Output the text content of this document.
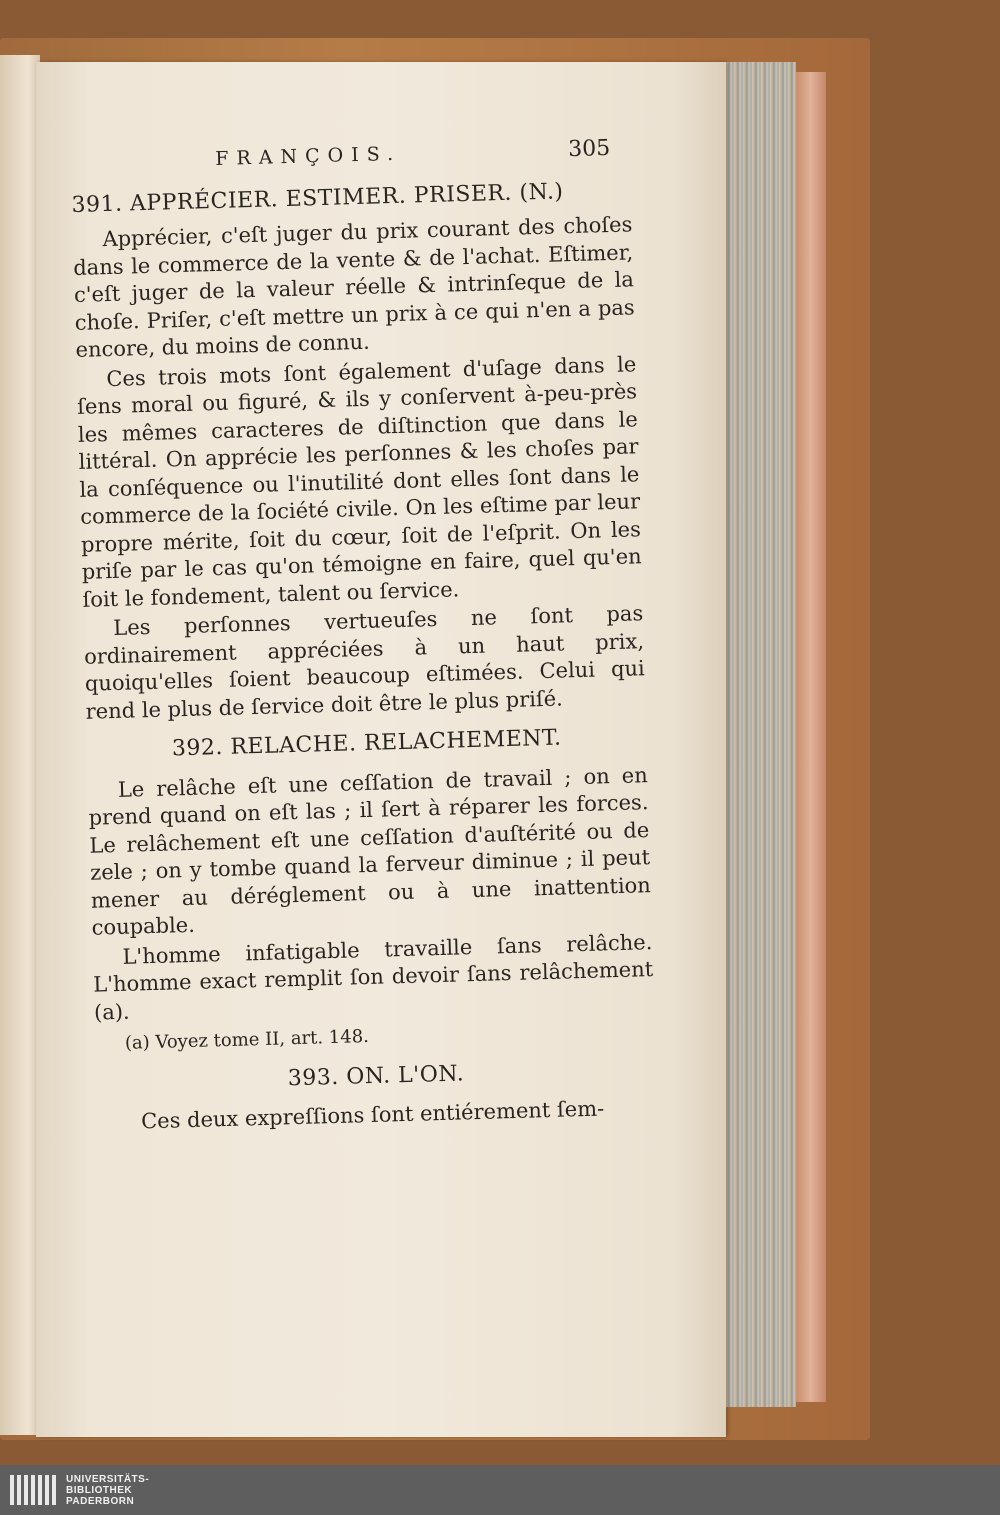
FRANÇOIS.	305
391. APPRÉCIER. ESTIMER. PRISER. (N.)

Apprécier, c'eſt juger du prix courant des choſes dans le commerce de la vente & de l'achat. Eſtimer, c'eſt juger de la valeur réelle & intrinſeque de la choſe. Priſer, c'eſt mettre un prix à ce qui n'en a pas encore, du moins de connu.

Ces trois mots ſont également d'uſage dans le ſens moral ou figuré, & ils y conſervent à-peu-près les mêmes caracteres de diſtinction que dans le littéral. On apprécie les perſonnes & les choſes par la conſéquence ou l'inutilité dont elles ſont dans le commerce de la ſociété civile. On les eſtime par leur propre mérite, ſoit du cœur, ſoit de l'eſprit. On les priſe par le cas qu'on témoigne en faire, quel qu'en ſoit le fondement, talent ou ſervice.

Les perſonnes vertueuſes ne ſont pas ordinairement appréciées à un haut prix, quoiqu'elles ſoient beaucoup eſtimées. Celui qui rend le plus de ſervice doit être le plus priſé.

392. RELACHE. RELACHEMENT.

Le relâche eſt une ceſſation de travail ; on en prend quand on eſt las ; il ſert à réparer les forces. Le relâchement eſt une ceſſation d'auſtérité ou de zele ; on y tombe quand la ferveur diminue ; il peut mener au déréglement ou à une inattention coupable.

L'homme infatigable travaille ſans relâche. L'homme exact remplit ſon devoir ſans relâchement (a).

(a) Voyez tome II, art. 148.
393. ON. L'ON.

Ces deux expreſſions ſont entiérement ſem-

UNIVERSITÄTS-
BIBLIOTHEK
PADERBORN
